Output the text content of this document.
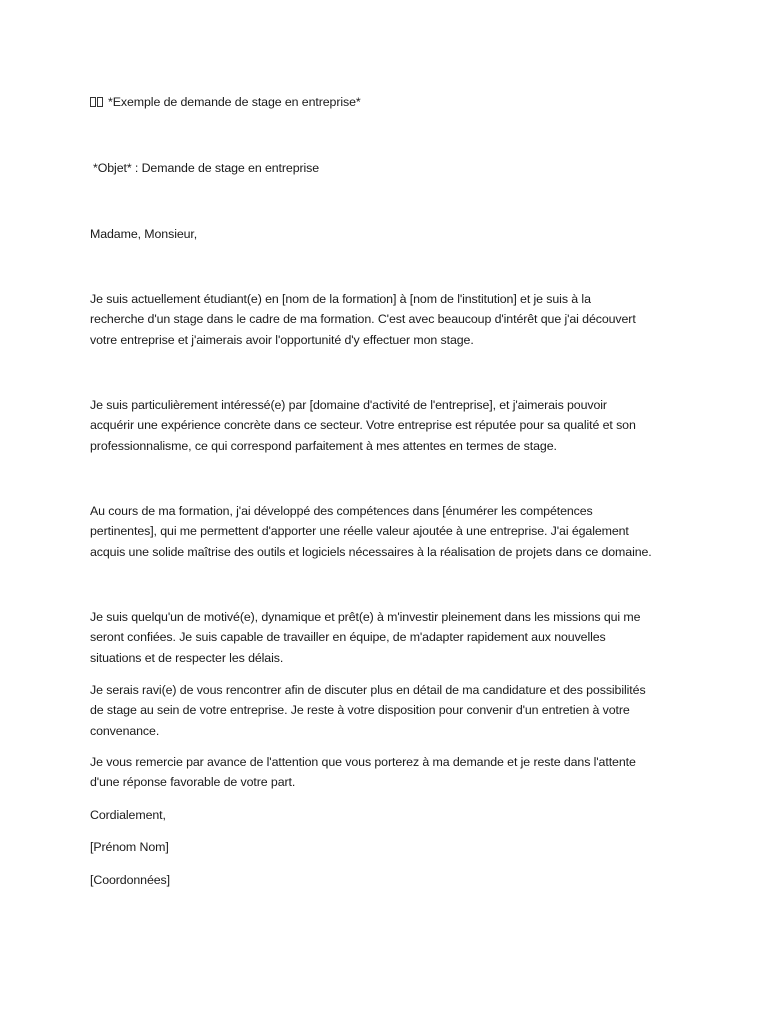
*Exemple de demande de stage en entreprise*
*Objet* : Demande de stage en entreprise
Madame, Monsieur,
Je suis actuellement étudiant(e) en [nom de la formation] à [nom de l'institution] et je suis à la
recherche d'un stage dans le cadre de ma formation. C'est avec beaucoup d'intérêt que j'ai découvert
votre entreprise et j'aimerais avoir l'opportunité d'y effectuer mon stage.
Je suis particulièrement intéressé(e) par [domaine d'activité de l'entreprise], et j'aimerais pouvoir
acquérir une expérience concrète dans ce secteur. Votre entreprise est réputée pour sa qualité et son
professionnalisme, ce qui correspond parfaitement à mes attentes en termes de stage.
Au cours de ma formation, j'ai développé des compétences dans [énumérer les compétences
pertinentes], qui me permettent d'apporter une réelle valeur ajoutée à une entreprise. J'ai également
acquis une solide maîtrise des outils et logiciels nécessaires à la réalisation de projets dans ce domaine.
Je suis quelqu'un de motivé(e), dynamique et prêt(e) à m'investir pleinement dans les missions qui me
seront confiées. Je suis capable de travailler en équipe, de m'adapter rapidement aux nouvelles
situations et de respecter les délais.
Je serais ravi(e) de vous rencontrer afin de discuter plus en détail de ma candidature et des possibilités
de stage au sein de votre entreprise. Je reste à votre disposition pour convenir d'un entretien à votre
convenance.
Je vous remercie par avance de l'attention que vous porterez à ma demande et je reste dans l'attente
d'une réponse favorable de votre part.
Cordialement,
[Prénom Nom]
[Coordonnées]
